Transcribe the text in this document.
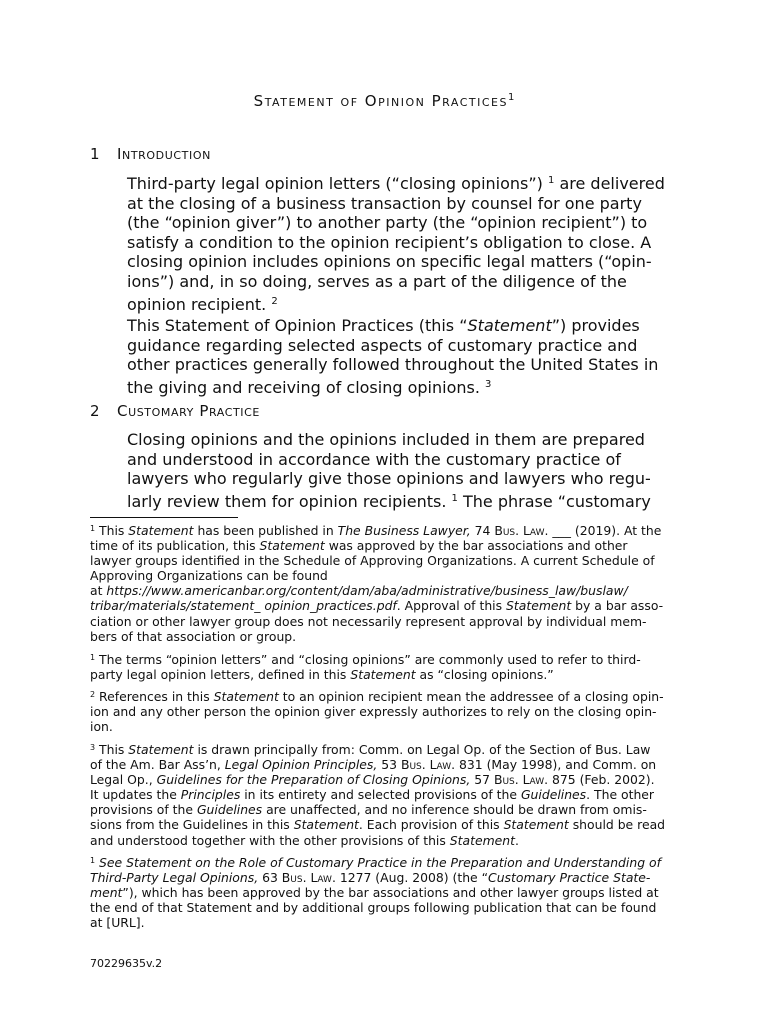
Statement of Opinion Practices$^1$
1 Introduction
Third-party legal opinion letters (“closing opinions”) $^1$ are delivered
at the closing of a business transaction by counsel for one party
(the “opinion giver”) to another party (the “opinion recipient”) to
satisfy a condition to the opinion recipient’s obligation to close. A
closing opinion includes opinions on specific legal matters (“opin-
ions”) and, in so doing, serves as a part of the diligence of the
opinion recipient. $^2$
This Statement of Opinion Practices (this “Statement”) provides
guidance regarding selected aspects of customary practice and
other practices generally followed throughout the United States in
the giving and receiving of closing opinions. $^3$
2 Customary Practice
Closing opinions and the opinions included in them are prepared
and understood in accordance with the customary practice of
lawyers who regularly give those opinions and lawyers who regu-
larly review them for opinion recipients. $^1$ The phrase “customary
$^1$ This Statement has been published in The Business Lawyer, 74 Bus. Law. ___ (2019). At the
time of its publication, this Statement was approved by the bar associations and other
lawyer groups identified in the Schedule of Approving Organizations. A current Schedule of
Approving Organizations can be found
at https://www.americanbar.org/content/dam/aba/administrative/business_law/buslaw/
tribar/materials/statement_ opinion_practices.pdf. Approval of this Statement by a bar asso-
ciation or other lawyer group does not necessarily represent approval by individual mem-
bers of that association or group.
$^1$ The terms “opinion letters” and “closing opinions” are commonly used to refer to third-
party legal opinion letters, defined in this Statement as “closing opinions.”
$^2$ References in this Statement to an opinion recipient mean the addressee of a closing opin-
ion and any other person the opinion giver expressly authorizes to rely on the closing opin-
ion.
$^3$ This Statement is drawn principally from: Comm. on Legal Op. of the Section of Bus. Law
of the Am. Bar Ass’n, Legal Opinion Principles, 53 Bus. Law. 831 (May 1998), and Comm. on
Legal Op., Guidelines for the Preparation of Closing Opinions, 57 Bus. Law. 875 (Feb. 2002).
It updates the Principles in its entirety and selected provisions of the Guidelines. The other
provisions of the Guidelines are unaffected, and no inference should be drawn from omis-
sions from the Guidelines in this Statement. Each provision of this Statement should be read
and understood together with the other provisions of this Statement.
$^1$ See Statement on the Role of Customary Practice in the Preparation and Understanding of
Third-Party Legal Opinions, 63 Bus. Law. 1277 (Aug. 2008) (the “Customary Practice State-
ment”), which has been approved by the bar associations and other lawyer groups listed at
the end of that Statement and by additional groups following publication that can be found
at [URL].
70229635v.2
